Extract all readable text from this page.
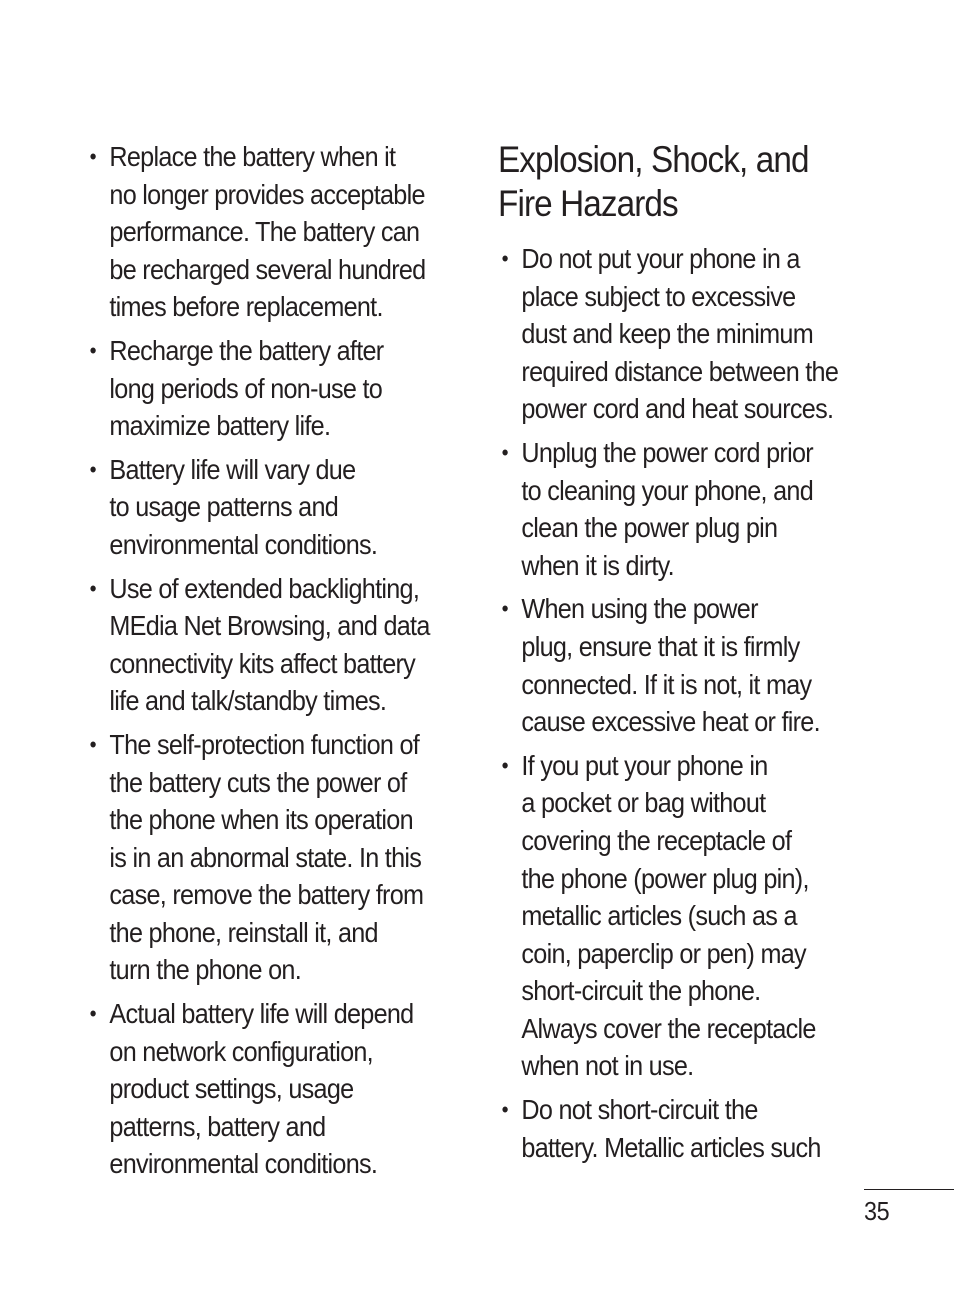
• Replace the battery when it
no longer provides acceptable
performance. The battery can
be recharged several hundred
times before replacement.
• Recharge the battery after
long periods of non-use to
maximize battery life.
• Battery life will vary due
to usage patterns and
environmental conditions.
• Use of extended backlighting,
MEdia Net Browsing, and data
connectivity kits affect battery
life and talk/standby times.
• The self-protection function of
the battery cuts the power of
the phone when its operation
is in an abnormal state. In this
case, remove the battery from
the phone, reinstall it, and
turn the phone on.
• Actual battery life will depend
on network configuration,
product settings, usage
patterns, battery and
environmental conditions.
Explosion, Shock, and
Fire Hazards
• Do not put your phone in a
place subject to excessive
dust and keep the minimum
required distance between the
power cord and heat sources.
• Unplug the power cord prior
to cleaning your phone, and
clean the power plug pin
when it is dirty.
• When using the power
plug, ensure that it is firmly
connected. If it is not, it may
cause excessive heat or fire.
• If you put your phone in
a pocket or bag without
covering the receptacle of
the phone (power plug pin),
metallic articles (such as a
coin, paperclip or pen) may
short-circuit the phone.
Always cover the receptacle
when not in use.
• Do not short-circuit the
battery. Metallic articles such
35
